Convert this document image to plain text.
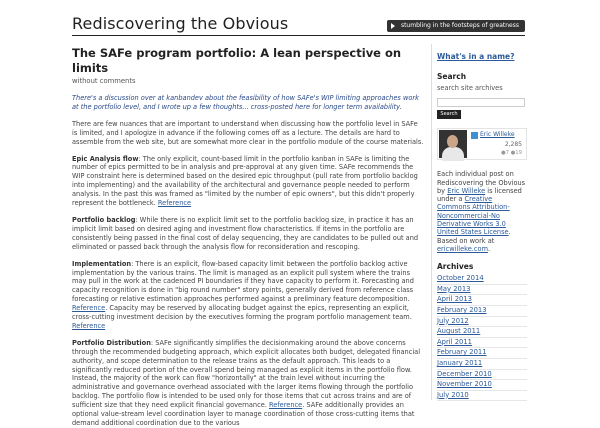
Rediscovering the Obvious	stumbling in the footsteps of greatness
The SAFe program portfolio: A lean perspective on limits
without comments

There's a discussion over at kanbandev about the feasibility of how SAFe's WIP limiting approaches work at the portfolio level, and I wrote up a few thoughts... cross-posted here for longer term availability.

There are few nuances that are important to understand when discussing how the portfolio level in SAFe is limited, and I apologize in advance if the following comes off as a lecture. The details are hard to assemble from the web site, but are somewhat more clear in the portfolio module of the course materials.

Epic Analysis flow: The only explicit, count-based limit in the portfolio kanban in SAFe is limiting the number of epics permitted to be in analysis and pre-approval at any given time. SAFe recommends the WIP constraint here is determined based on the desired epic throughput (pull rate from portfolio backlog into implementing) and the availability of the architectural and governance people needed to perform analysis. In the past this was framed as "limited by the number of epic owners", but this didn't properly represent the bottleneck. Reference

Portfolio backlog: While there is no explicit limit set to the portfolio backlog size, in practice it has an implicit limit based on desired aging and investment flow characteristics. If items in the portfolio are consistently being passed in the final cost of delay sequencing, they are candidates to be pulled out and eliminated or passed back through the analysis flow for reconsideration and rescoping.

Implementation: There is an explicit, flow-based capacity limit between the portfolio backlog active implementation by the various trains. The limit is managed as an explicit pull system where the trains may pull in the work at the cadenced PI boundaries if they have capacity to perform it. Forecasting and capacity recognition is done in "big round number" story points, generally derived from reference class forecasting or relative estimation approaches performed against a preliminary feature decomposition. Reference. Capacity may be reserved by allocating budget against the epics, representing an explicit, cross-cutting investment decision by the executives forming the program portfolio management team. Reference

Portfolio Distribution: SAFe significantly simplifies the decisionmaking around the above concerns through the recommended budgeting approach, which explicit allocates both budget, delegated financial authority, and scope determination to the release trains as the default approach. This leads to a significantly reduced portion of the overall spend being managed as explicit items in the portfolio flow. Instead, the majority of the work can flow "horizontally" at the train level without incurring the administrative and governance overhead associated with the larger items flowing through the portfolio backlog. The portfolio flow is intended to be used only for those items that cut across trains and are of sufficient size that they need explicit financial governance. Reference. SAFe additionally provides an optional value-stream level coordination layer to manage coordination of those cross-cutting items that demand additional coordination due to the various

What's in a name?
Search
search site archives
Search
Eric Willeke
2,285
●7 ●19
Each individual post on Rediscovering the Obvious by Eric Willeke is licensed under a Creative Commons Attribution-Noncommercial-No Derivative Works 3.0 United States License. Based on work at ericwilleke.com.
Archives
October 2014
May 2013
April 2013
February 2013
July 2012
August 2011
April 2011
February 2011
January 2011
December 2010
November 2010
July 2010
